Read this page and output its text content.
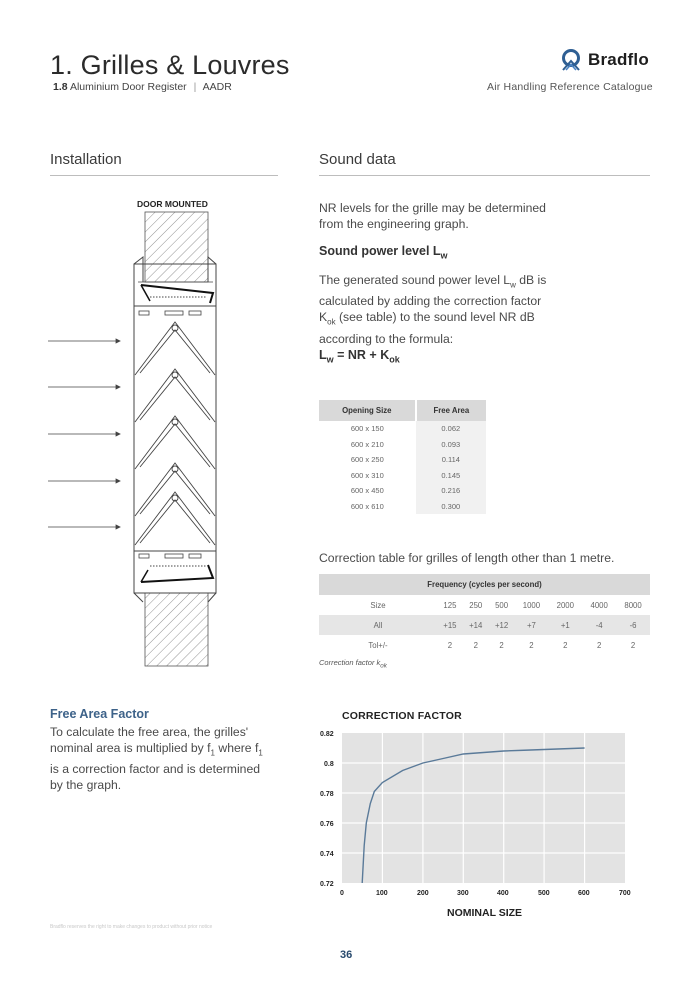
1. Grilles & Louvres
1.8 Aluminium Door Register | AADR
Bradflo
Air Handling Reference Catalogue
Installation	Sound data
DOOR MOUNTED	NR levels for the grille may be determined from the engineering graph.
Sound power level $L_w$
The generated sound power level $L_w$ dB is calculated by adding the correction factor $K_{ok}$ (see table) to the sound level NR dB according to the formula:
$L_w$ = NR + $K_{ok}$
Opening Size	Free Area
600 x 150	0.062
600 x 210	0.093
600 x 250	0.114
600 x 310	0.145
600 x 450	0.216
600 x 610	0.300
Correction table for grilles of length other than 1 metre.
Frequency (cycles per second)							
Size	125	250	500	1000	2000	4000	8000
All	+15	+14	+12	+7	+1	-4	-6
Tol+/-	2	2	2	2	2	2	2
Correction factor $k_{ok}$
Free Area Factor
To calculate the free area, the grilles' nominal area is multiplied by $f_1$ where $f_1$ is a correction factor and is determined by the graph.
CORRECTION FACTOR
0.82
0.8
0.78
0.76
0.74
0.72
0	100	200	300	400	500	600	700
NOMINAL SIZE
Bradflo reserves the right to make changes to product without prior notice
36
